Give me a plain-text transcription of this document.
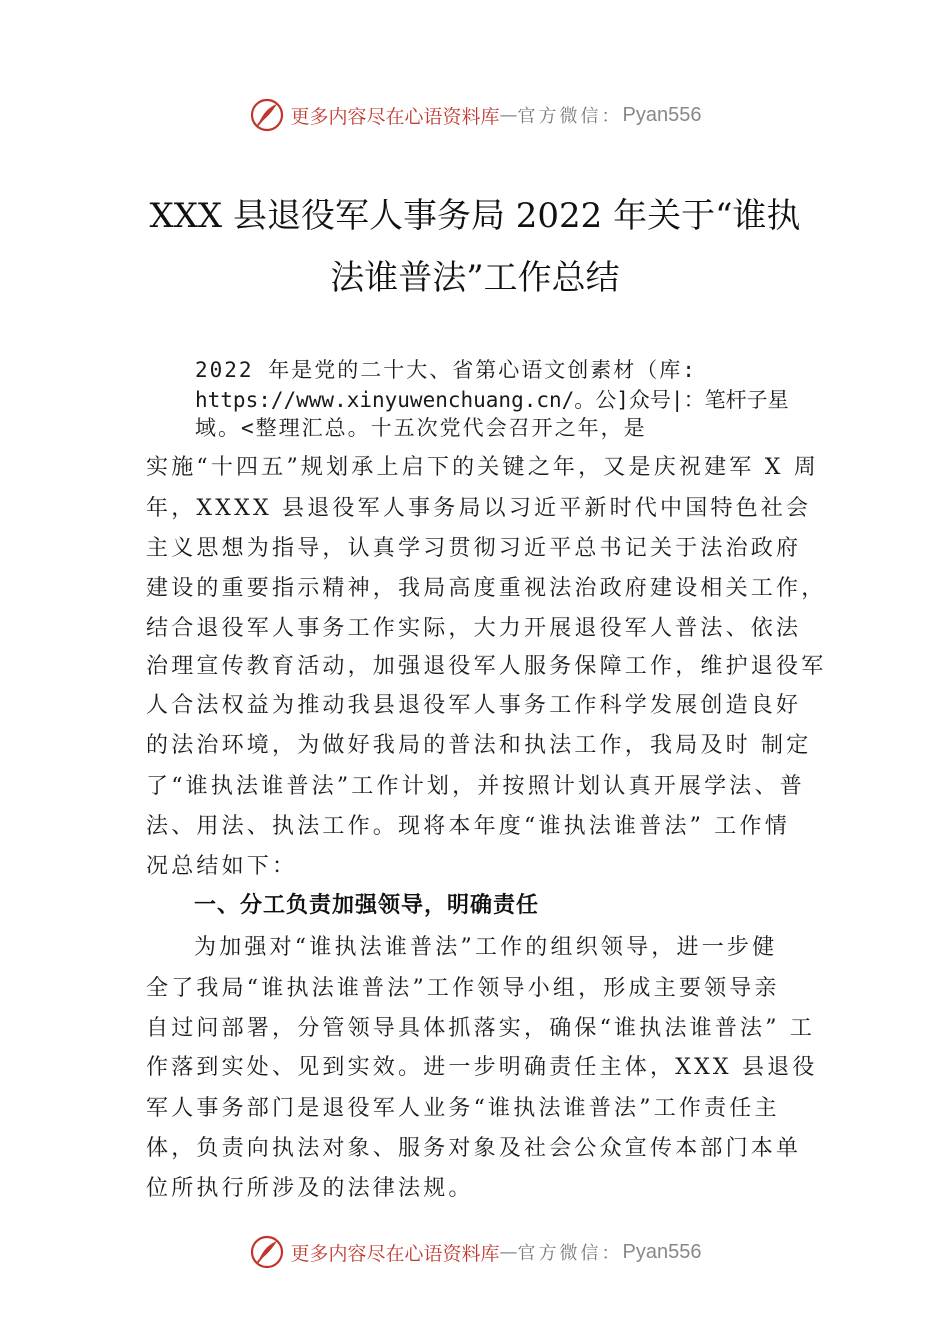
更多内容尽在心语资料库 — 官方微信： Pyan556
XXX 县退役军人事务局 2022 年关于“谁执
法谁普法”工作总结
2022 年是党的二十大、省第心语文创素材（库:
https://www.xinyuwenchuang.cn/。公]众号|：笔杆子星
域。<整理汇总。十五次党代会召开之年，是
实施“十四五”规划承上启下的关键之年，又是庆祝建军 X 周
年，XXXX 县退役军人事务局以习近平新时代中国特色社会
主义思想为指导，认真学习贯彻习近平总书记关于法治政府
建设的重要指示精神，我局高度重视法治政府建设相关工作，
结合退役军人事务工作实际，大力开展退役军人普法、依法
治理宣传教育活动，加强退役军人服务保障工作，维护退役军
人合法权益为推动我县退役军人事务工作科学发展创造良好
的法治环境，为做好我局的普法和执法工作，我局及时 制定
了“谁执法谁普法”工作计划，并按照计划认真开展学法、普
法、用法、执法工作。现将本年度“谁执法谁普法” 工作情
况总结如下：
一、分工负责加强领导，明确责任
为加强对“谁执法谁普法”工作的组织领导，进一步健
全了我局“谁执法谁普法”工作领导小组，形成主要领导亲
自过问部署，分管领导具体抓落实，确保“谁执法谁普法” 工
作落到实处、见到实效。进一步明确责任主体，XXX 县退役
军人事务部门是退役军人业务“谁执法谁普法”工作责任主
体，负责向执法对象、服务对象及社会公众宣传本部门本单
位所执行所涉及的法律法规。
更多内容尽在心语资料库 — 官方微信： Pyan556
